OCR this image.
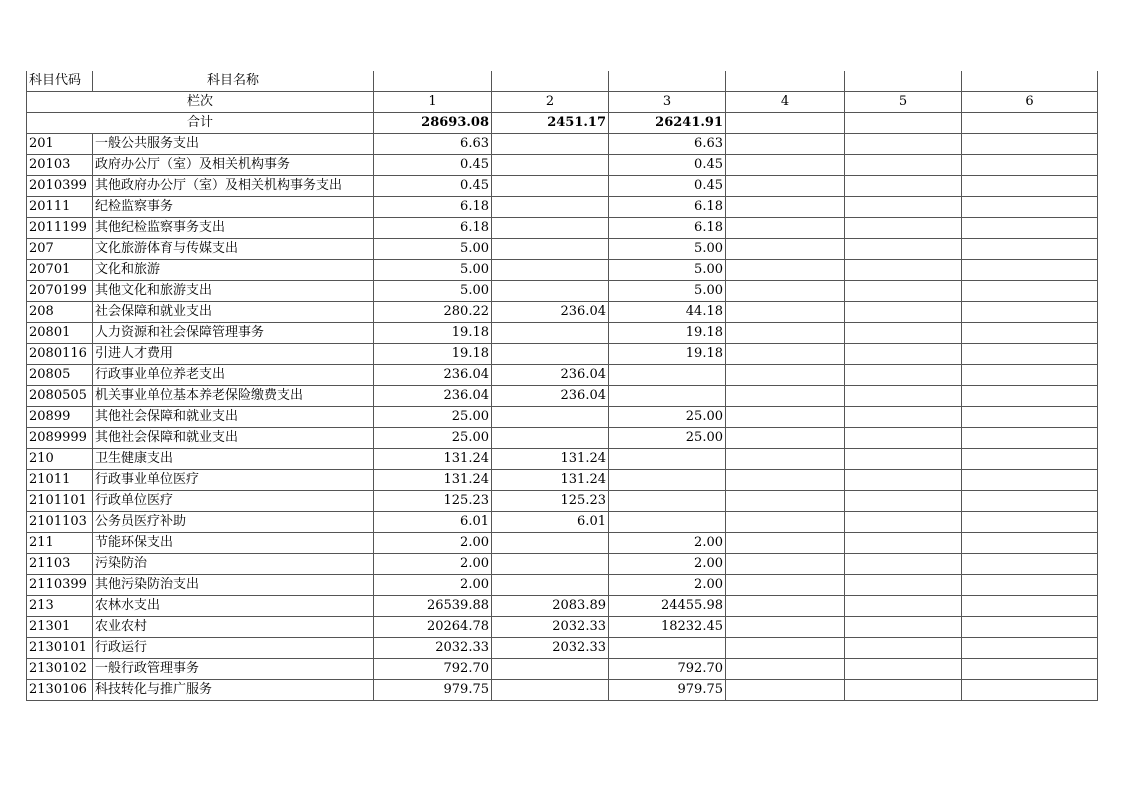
科目代码	科目名称						
栏次		1	2	3	4	5	6
合计		28693.08	2451.17	26241.91			
201	一般公共服务支出	6.63		6.63			
20103	政府办公厅（室）及相关机构事务	0.45		0.45			
2010399	其他政府办公厅（室）及相关机构事务支出	0.45		0.45			
20111	纪检监察事务	6.18		6.18			
2011199	其他纪检监察事务支出	6.18		6.18			
207	文化旅游体育与传媒支出	5.00		5.00			
20701	文化和旅游	5.00		5.00			
2070199	其他文化和旅游支出	5.00		5.00			
208	社会保障和就业支出	280.22	236.04	44.18			
20801	人力资源和社会保障管理事务	19.18		19.18			
2080116	引进人才费用	19.18		19.18			
20805	行政事业单位养老支出	236.04	236.04				
2080505	机关事业单位基本养老保险缴费支出	236.04	236.04				
20899	其他社会保障和就业支出	25.00		25.00			
2089999	其他社会保障和就业支出	25.00		25.00			
210	卫生健康支出	131.24	131.24				
21011	行政事业单位医疗	131.24	131.24				
2101101	行政单位医疗	125.23	125.23				
2101103	公务员医疗补助	6.01	6.01				
211	节能环保支出	2.00		2.00			
21103	污染防治	2.00		2.00			
2110399	其他污染防治支出	2.00		2.00			
213	农林水支出	26539.88	2083.89	24455.98			
21301	农业农村	20264.78	2032.33	18232.45			
2130101	行政运行	2032.33	2032.33				
2130102	一般行政管理事务	792.70		792.70			
2130106	科技转化与推广服务	979.75		979.75			
